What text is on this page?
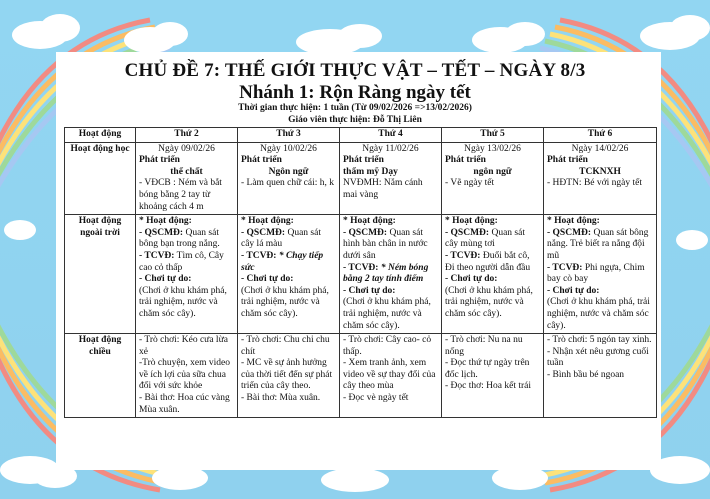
CHỦ ĐỀ 7: THẾ GIỚI THỰC VẬT – TẾT – NGÀY 8/3
Nhánh 1: Rộn Ràng ngày tết
Thời gian thực hiện: 1 tuần (Từ 09/02/2026 =>13/02/2026)
Giáo viên thực hiện: Đỗ Thị Liên
Hoạt động	Thứ 2	Thứ 3	Thứ 4	Thứ 5	Thứ 6
Hoạt động học	Ngày 09/02/26
Phát triển
thể chất
- VĐCB : Ném và bắt bóng bằng 2 tay từ khoảng cách 4 m	Ngày 10/02/26
Phát triển
Ngôn ngữ
- Làm quen chữ cái: h, k	Ngày 11/02/26
Phát triển
thẩm mỹ Dạy
NVĐMH: Nắm cánh mai vàng	Ngày 13/02/26
Phát triển
ngôn ngữ
- Vẽ ngày tết	Ngày 14/02/26
Phát triển
TCKNXH
- HĐTN: Bé với ngày tết

Hoạt động ngoài trời	* Hoạt động:
- QSCMĐ: Quan sát bông bạn trong nắng.
- TCVĐ: Tìm cô, Cây cao cỏ thấp
- Chơi tự do:
(Chơi ở khu khám phá, trải nghiệm, nước và chăm sóc cây).	* Hoạt động:
- QSCMĐ: Quan sát cây lá màu
- TCVĐ: * Chạy tiếp sức
- Chơi tự do:
(Chơi ở khu khám phá, trải nghiệm, nước và chăm sóc cây).	* Hoạt động:
- QSCMĐ: Quan sát hình bàn chân in nước dưới sân
- TCVĐ: * Ném bóng bằng 2 tay tính điểm
- Chơi tự do:
(Chơi ở khu khám phá, trải nghiệm, nước và chăm sóc cây).	* Hoạt động:
- QSCMĐ: Quan sát cây mùng tơi
- TCVĐ: Đuổi bắt cô, Đi theo người dẫn đầu
- Chơi tự do:
(Chơi ở khu khám phá, trải nghiệm, nước và chăm sóc cây).	* Hoạt động:
- QSCMĐ: Quan sát bông nắng. Trẻ biết ra nắng đội mũ
- TCVĐ: Phi ngựa, Chim bay cò bay
- Chơi tự do:
(Chơi ở khu khám phá, trải nghiệm, nước và chăm sóc cây).

Hoạt động chiều	- Trò chơi: Kéo cưa lừa xẻ
-Trò chuyện, xem video về ích lợi của sữa chua đối với sức khỏe
- Bài thơ: Hoa cúc vàng Mùa xuân.	- Trò chơi: Chu chi chu chít
- MC về sự ảnh hưởng của thời tiết đến sự phát triển của cây theo.
- Bài thơ: Mùa xuân.	- Trò chơi: Cây cao- cỏ thấp.
- Xem tranh ảnh, xem video về sự thay đổi của cây theo mùa
- Đọc vè ngày tết	- Trò chơi: Nu na nu nống
- Đọc thứ tự ngày trên đốc lịch.
- Đọc thơ: Hoa kết trái	- Trò chơi: 5 ngón tay xinh.
- Nhận xét nêu gương cuối tuần
- Bình bầu bé ngoan
